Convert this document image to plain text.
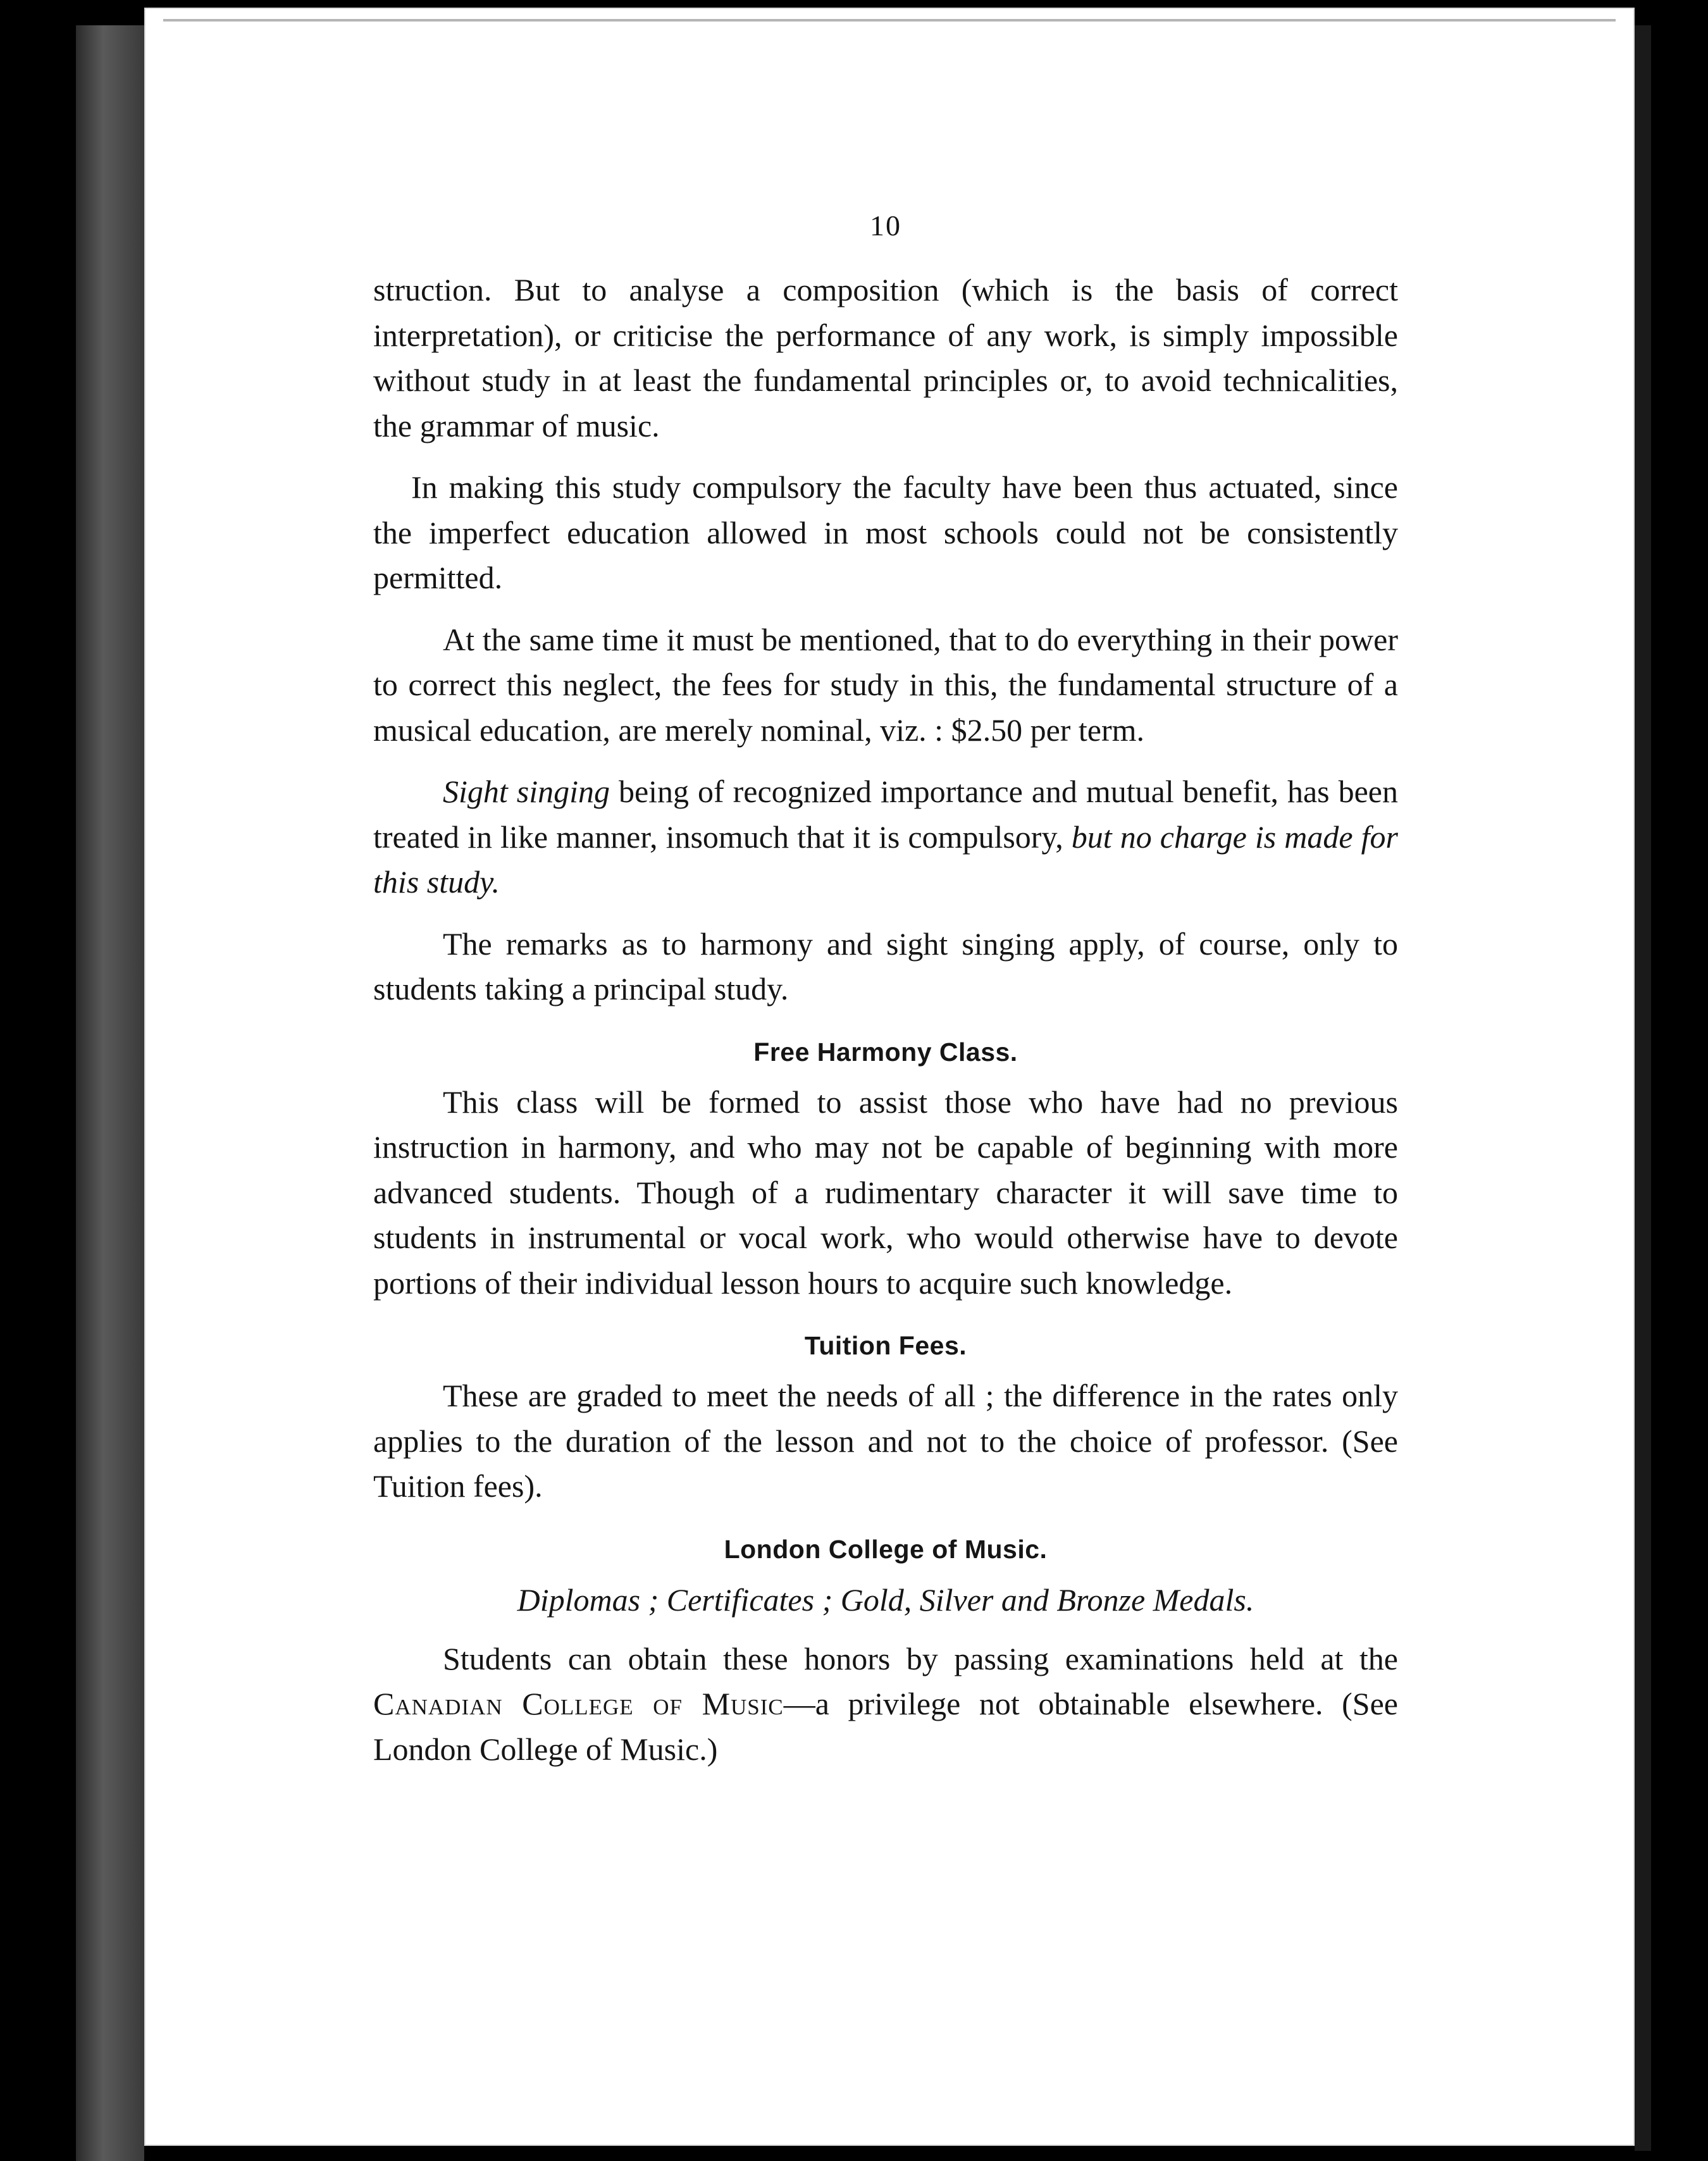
10

struction. But to analyse a composition (which is the basis of correct interpretation), or criticise the performance of any work, is simply impossible without study in at least the fundamental principles or, to avoid technicalities, the grammar of music.

In making this study compulsory the faculty have been thus actuated, since the imperfect education allowed in most schools could not be consistently permitted.

At the same time it must be mentioned, that to do everything in their power to correct this neglect, the fees for study in this, the fundamental structure of a musical education, are merely nominal, viz. : $2.50 per term.

Sight singing being of recognized importance and mutual benefit, has been treated in like manner, insomuch that it is compulsory, but no charge is made for this study.

The remarks as to harmony and sight singing apply, of course, only to students taking a principal study.

Free Harmony Class.

This class will be formed to assist those who have had no previous instruction in harmony, and who may not be capable of beginning with more advanced students. Though of a rudimentary character it will save time to students in instrumental or vocal work, who would otherwise have to devote portions of their individual lesson hours to acquire such knowledge.

Tuition Fees.

These are graded to meet the needs of all ; the difference in the rates only applies to the duration of the lesson and not to the choice of professor. (See Tuition fees).

London College of Music.
Diplomas ; Certificates ; Gold, Silver and Bronze Medals.

Students can obtain these honors by passing examinations held at the Canadian College of Music—a privilege not obtainable elsewhere. (See London College of Music.)
